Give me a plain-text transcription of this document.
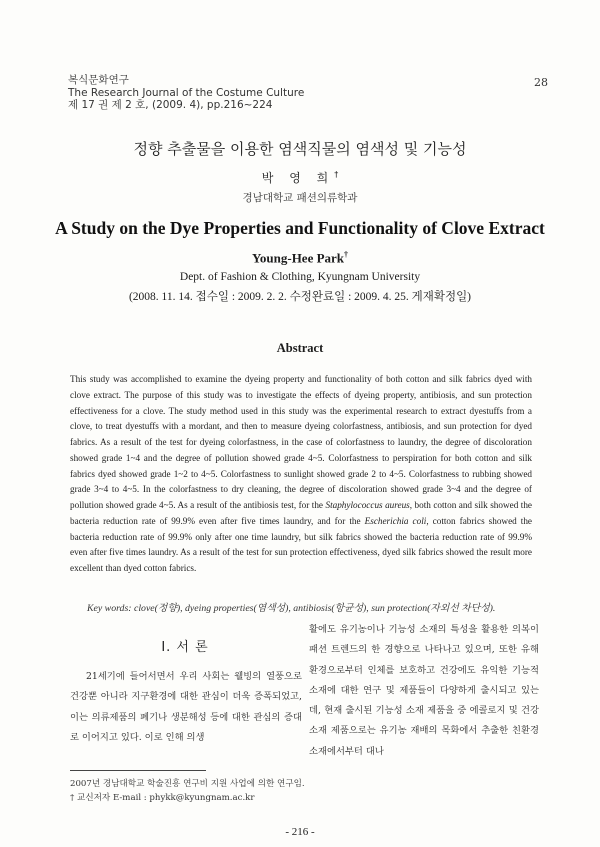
복식문화연구
The Research Journal of the Costume Culture
제 17 권 제 2 호, (2009. 4), pp.216~224
28
정향 추출물을 이용한 염색직물의 염색성 및 기능성
박 영 희†
경남대학교 패션의류학과
A Study on the Dye Properties and Functionality of Clove Extract
Young-Hee Park†
Dept. of Fashion & Clothing, Kyungnam University
(2008. 11. 14. 접수일 : 2009. 2. 2. 수정완료일 : 2009. 4. 25. 게재확정일)
Abstract

This study was accomplished to examine the dyeing property and functionality of both cotton and silk fabrics dyed with clove extract. The purpose of this study was to investigate the effects of dyeing property, antibiosis, and sun protection effectiveness for a clove. The study method used in this study was the experimental research to extract dyestuffs from a clove, to treat dyestuffs with a mordant, and then to measure dyeing colorfastness, antibiosis, and sun protection for dyed fabrics. As a result of the test for dyeing colorfastness, in the case of colorfastness to laundry, the degree of discoloration showed grade 1~4 and the degree of pollution showed grade 4~5. Colorfastness to perspiration for both cotton and silk fabrics dyed showed grade 1~2 to 4~5. Colorfastness to sunlight showed grade 2 to 4~5. Colorfastness to rubbing showed grade 3~4 to 4~5. In the colorfastness to dry cleaning, the degree of discoloration showed grade 3~4 and the degree of pollution showed grade 4~5. As a result of the antibiosis test, for the Staphylococcus aureus, both cotton and silk showed the bacteria reduction rate of 99.9% even after five times laundry, and for the Escherichia coli, cotton fabrics showed the bacteria reduction rate of 99.9% only after one time laundry, but silk fabrics showed the bacteria reduction rate of 99.9% even after five times laundry. As a result of the test for sun protection effectiveness, dyed silk fabrics showed the result more excellent than dyed cotton fabrics.

Key words: clove(정향), dyeing properties(염색성), antibiosis(항균성), sun protection(자외선 차단성).
Ⅰ. 서 론

21세기에 들어서면서 우리 사회는 웰빙의 열풍으로 건강뿐 아니라 지구환경에 대한 관심이 더욱 증폭되었고, 이는 의류제품의 폐기나 생분해성 등에 대한 관심의 증대로 이어지고 있다. 이로 인해 의생

활에도 유기농이나 기능성 소재의 특성을 활용한 의복이 패션 트렌드의 한 경향으로 나타나고 있으며, 또한 유해환경으로부터 인체를 보호하고 건강에도 유익한 기능적 소재에 대한 연구 및 제품들이 다양하게 출시되고 있는데, 현재 출시된 기능성 소재 제품을 중 에콜로지 및 건강 소재 제품으로는 유기농 재배의 목화에서 추출한 친환경 소재에서부터 대나

2007년 경남대학교 학술진흥 연구비 지원 사업에 의한 연구임.
† 교신저자 E-mail : phykk@kyungnam.ac.kr
- 216 -
